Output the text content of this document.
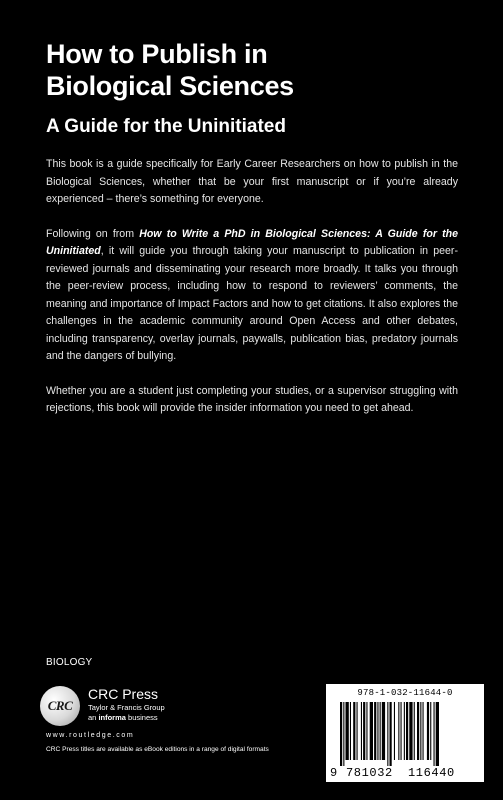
How to Publish in
Biological Sciences
A Guide for the Uninitiated

This book is a guide specifically for Early Career Researchers on how to publish in the Biological Sciences, whether that be your first manuscript or if you’re already experienced – there’s something for everyone.

Following on from How to Write a PhD in Biological Sciences: A Guide for the Uninitiated, it will guide you through taking your manuscript to publication in peer-reviewed journals and disseminating your research more broadly. It talks you through the peer-review process, including how to respond to reviewers’ comments, the meaning and importance of Impact Factors and how to get citations. It also explores the challenges in the academic community around Open Access and other debates, including transparency, overlay journals, paywalls, publication bias, predatory journals and the dangers of bullying.

Whether you are a student just completing your studies, or a supervisor struggling with rejections, this book will provide the insider information you need to get ahead.

BIOLOGY
CRC
CRC Press
Taylor & Francis Group
an informa business
www.routledge.com
CRC Press titles are available as eBook editions in a range of digital formats
978-1-032-11644-0
9 781032 116440
